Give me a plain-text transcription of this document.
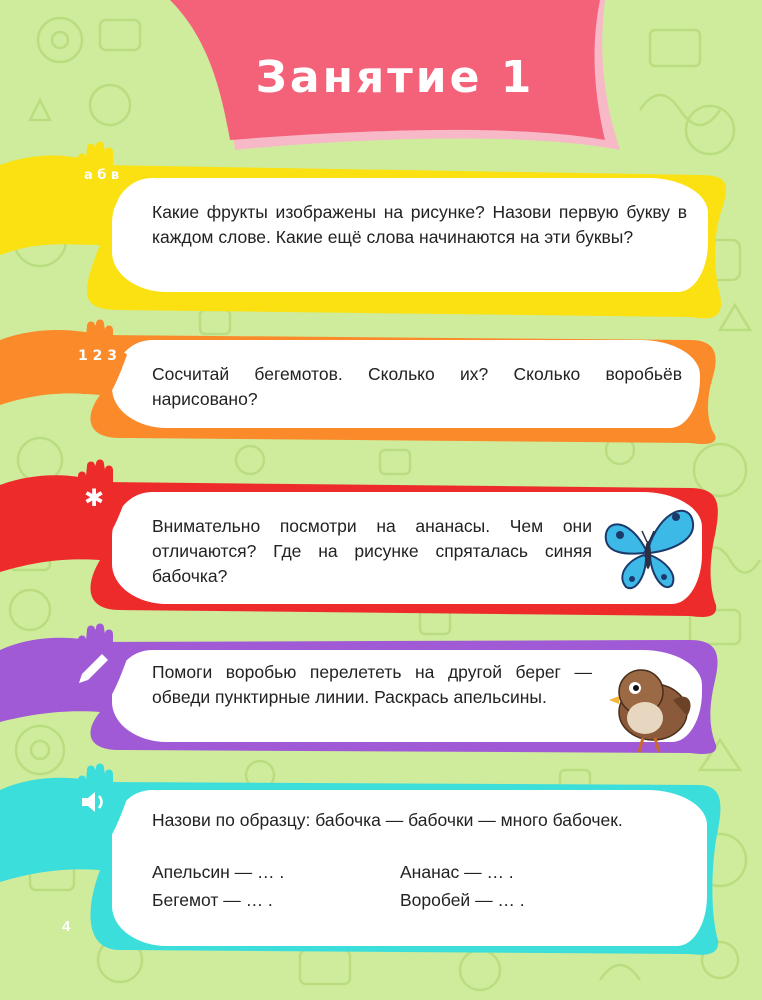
Занятие 1
а б в
Какие фрукты изображены на рисунке? Назови первую букву в каждом слове. Какие ещё слова начинаются на эти буквы?
1 2 3
Сосчитай бегемотов. Сколько их? Сколько воробьёв нарисовано?
✱
Внимательно посмотри на ананасы. Чем они отличаются? Где на рисунке спряталась синяя бабочка?
Помоги воробью перелететь на другой берег — обведи пунктирные линии. Раскрась апельсины.
Назови по образцу: бабочка — бабочки — много бабочек.
Апельсин — … .	Ананас — … .
Бегемот — … .	Воробей — … .
4
